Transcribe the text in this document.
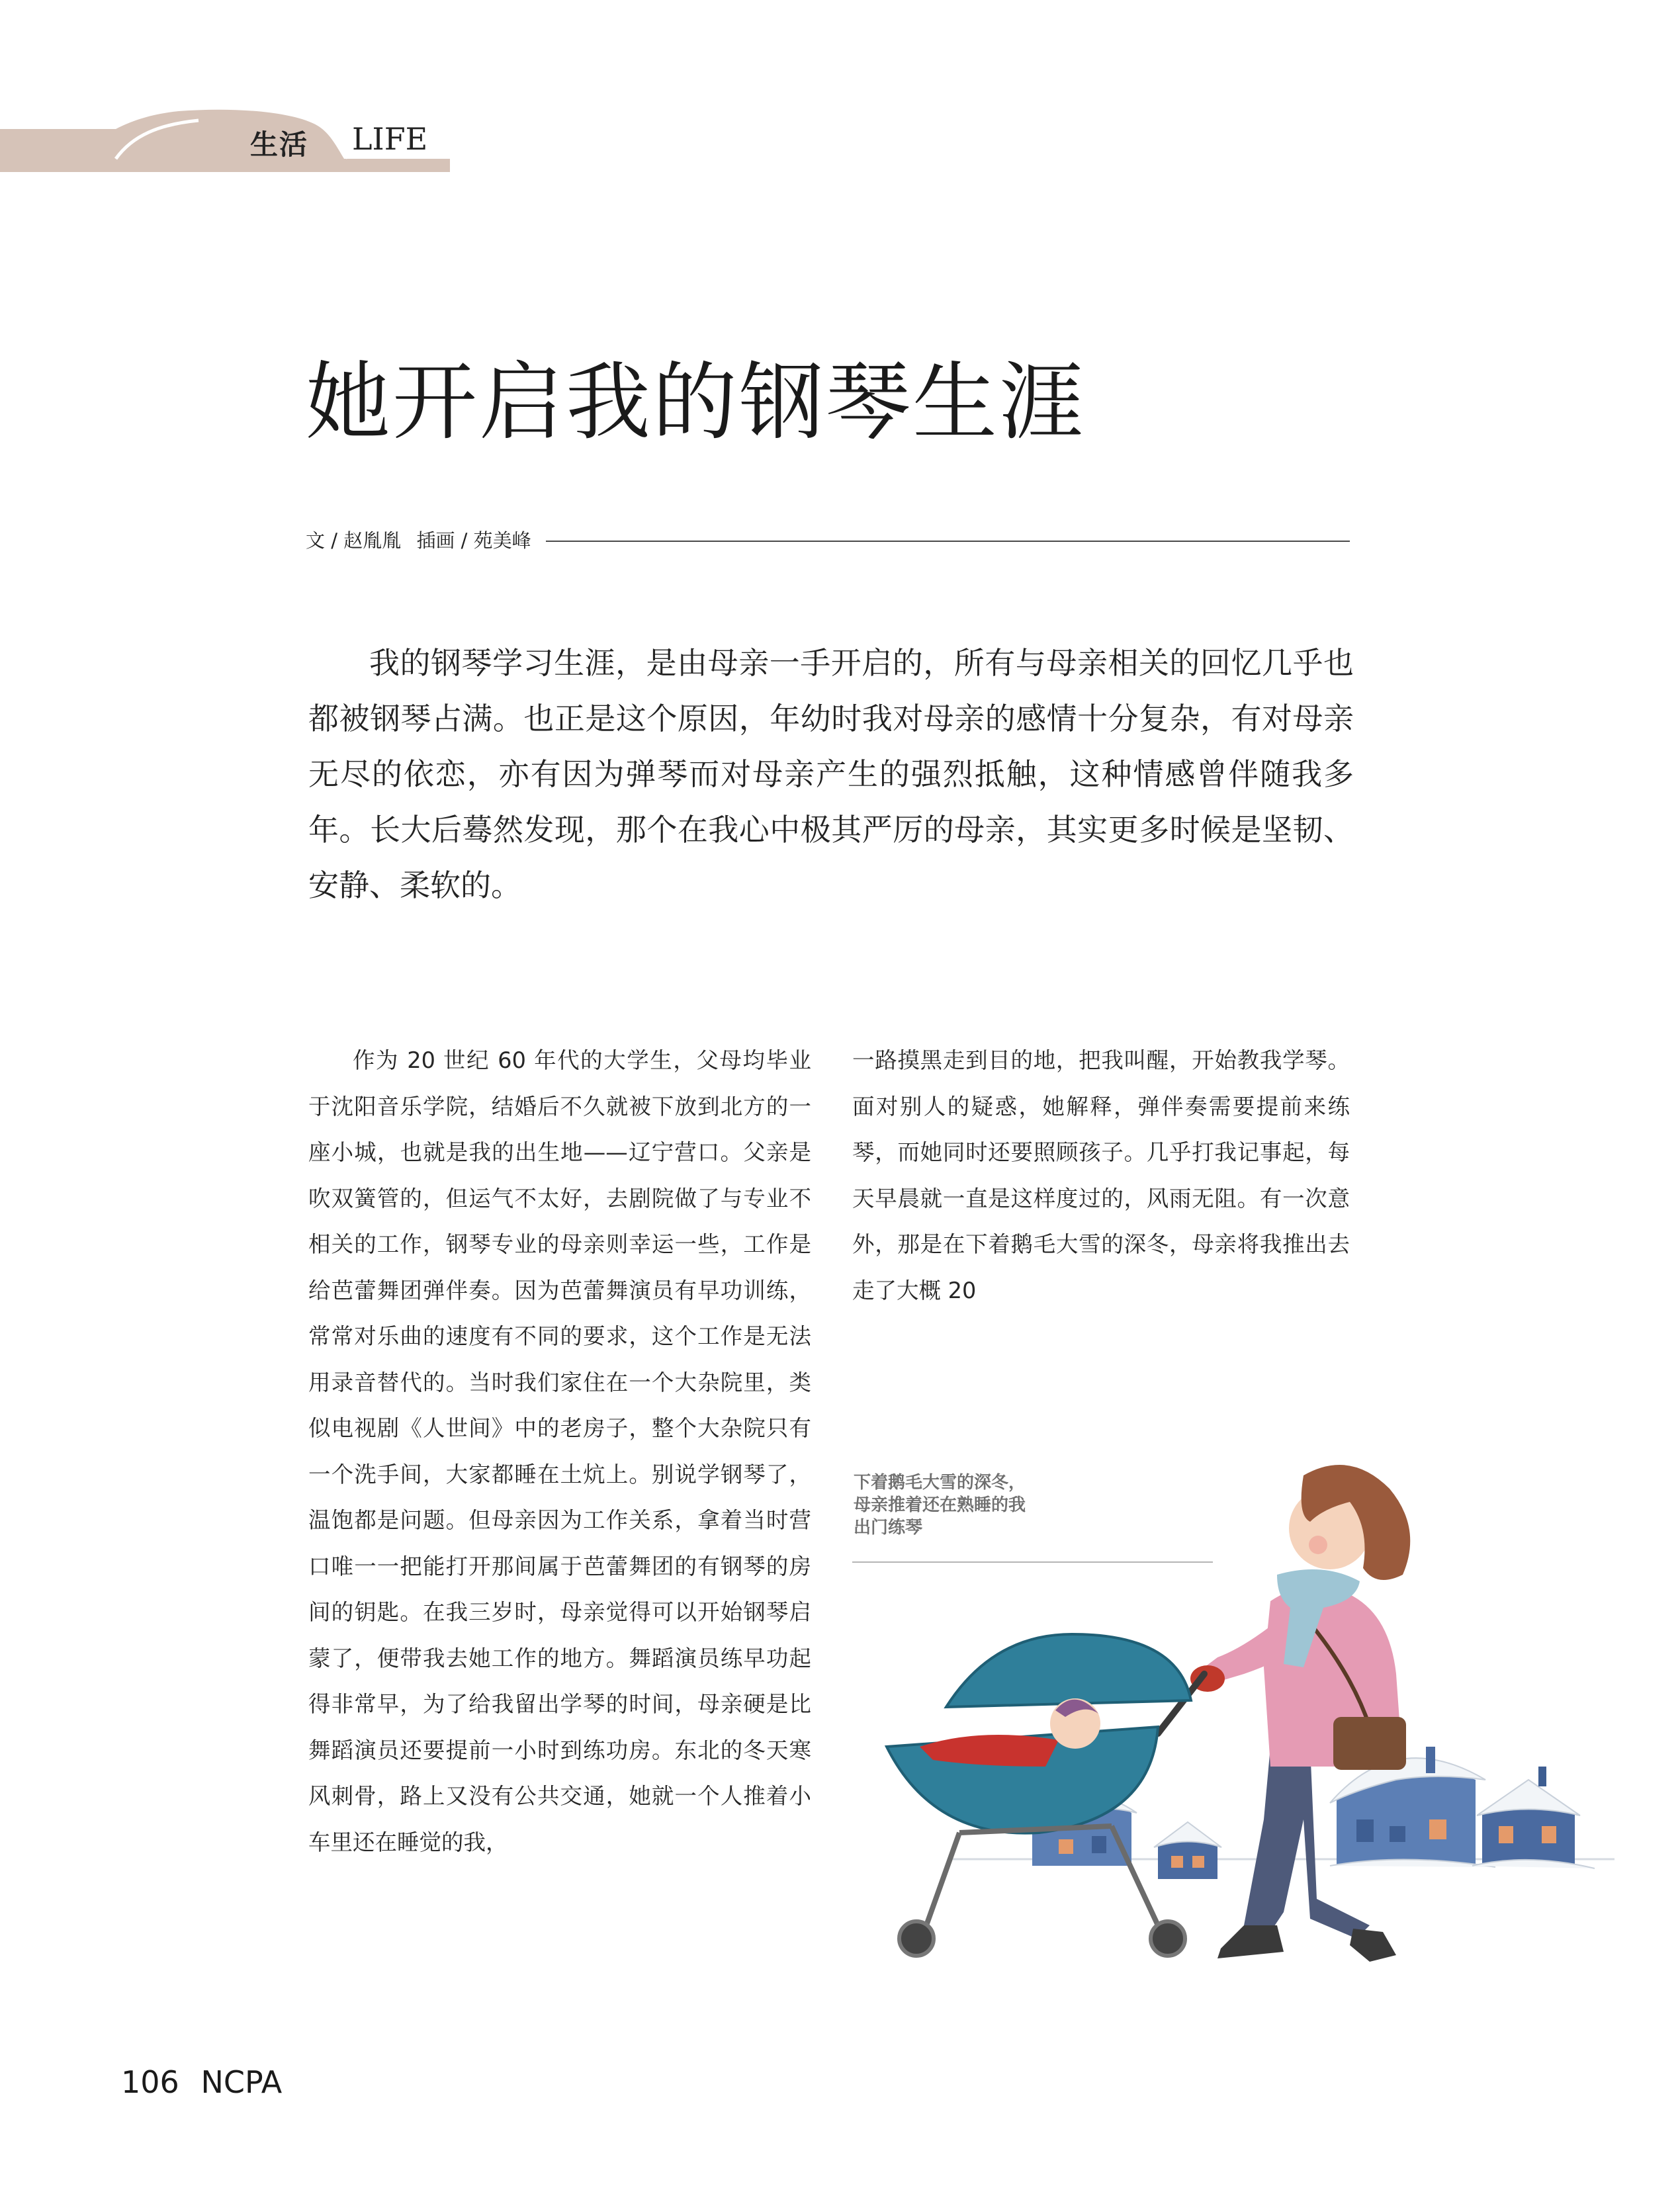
生活 LIFE
她开启我的钢琴生涯
文 / 赵胤胤 插画 / 苑美峰

我的钢琴学习生涯，是由母亲一手开启的，所有与母亲相关的回忆几乎也都被钢琴占满。也正是这个原因，年幼时我对母亲的感情十分复杂，有对母亲无尽的依恋，亦有因为弹琴而对母亲产生的强烈抵触，这种情感曾伴随我多年。长大后蓦然发现，那个在我心中极其严厉的母亲，其实更多时候是坚韧、安静、柔软的。

作为 20 世纪 60 年代的大学生，父母均毕业于沈阳音乐学院，结婚后不久就被下放到北方的一座小城，也就是我的出生地——辽宁营口。父亲是吹双簧管的，但运气不太好，去剧院做了与专业不相关的工作，钢琴专业的母亲则幸运一些，工作是给芭蕾舞团弹伴奏。因为芭蕾舞演员有早功训练，常常对乐曲的速度有不同的要求，这个工作是无法用录音替代的。当时我们家住在一个大杂院里，类似电视剧《人世间》中的老房子，整个大杂院只有一个洗手间，大家都睡在土炕上。别说学钢琴了，温饱都是问题。但母亲因为工作关系，拿着当时营口唯一一把能打开那间属于芭蕾舞团的有钢琴的房间的钥匙。在我三岁时，母亲觉得可以开始钢琴启蒙了，便带我去她工作的地方。舞蹈演员练早功起得非常早，为了给我留出学琴的时间，母亲硬是比舞蹈演员还要提前一小时到练功房。东北的冬天寒风刺骨，路上又没有公共交通，她就一个人推着小车里还在睡觉的我，

一路摸黑走到目的地，把我叫醒，开始教我学琴。面对别人的疑惑，她解释，弹伴奏需要提前来练琴，而她同时还要照顾孩子。几乎打我记事起，每天早晨就一直是这样度过的，风雨无阻。有一次意外，那是在下着鹅毛大雪的深冬，母亲将我推出去走了大概 20

下着鹅毛大雪的深冬，
母亲推着还在熟睡的我
出门练琴
106 NCPA
